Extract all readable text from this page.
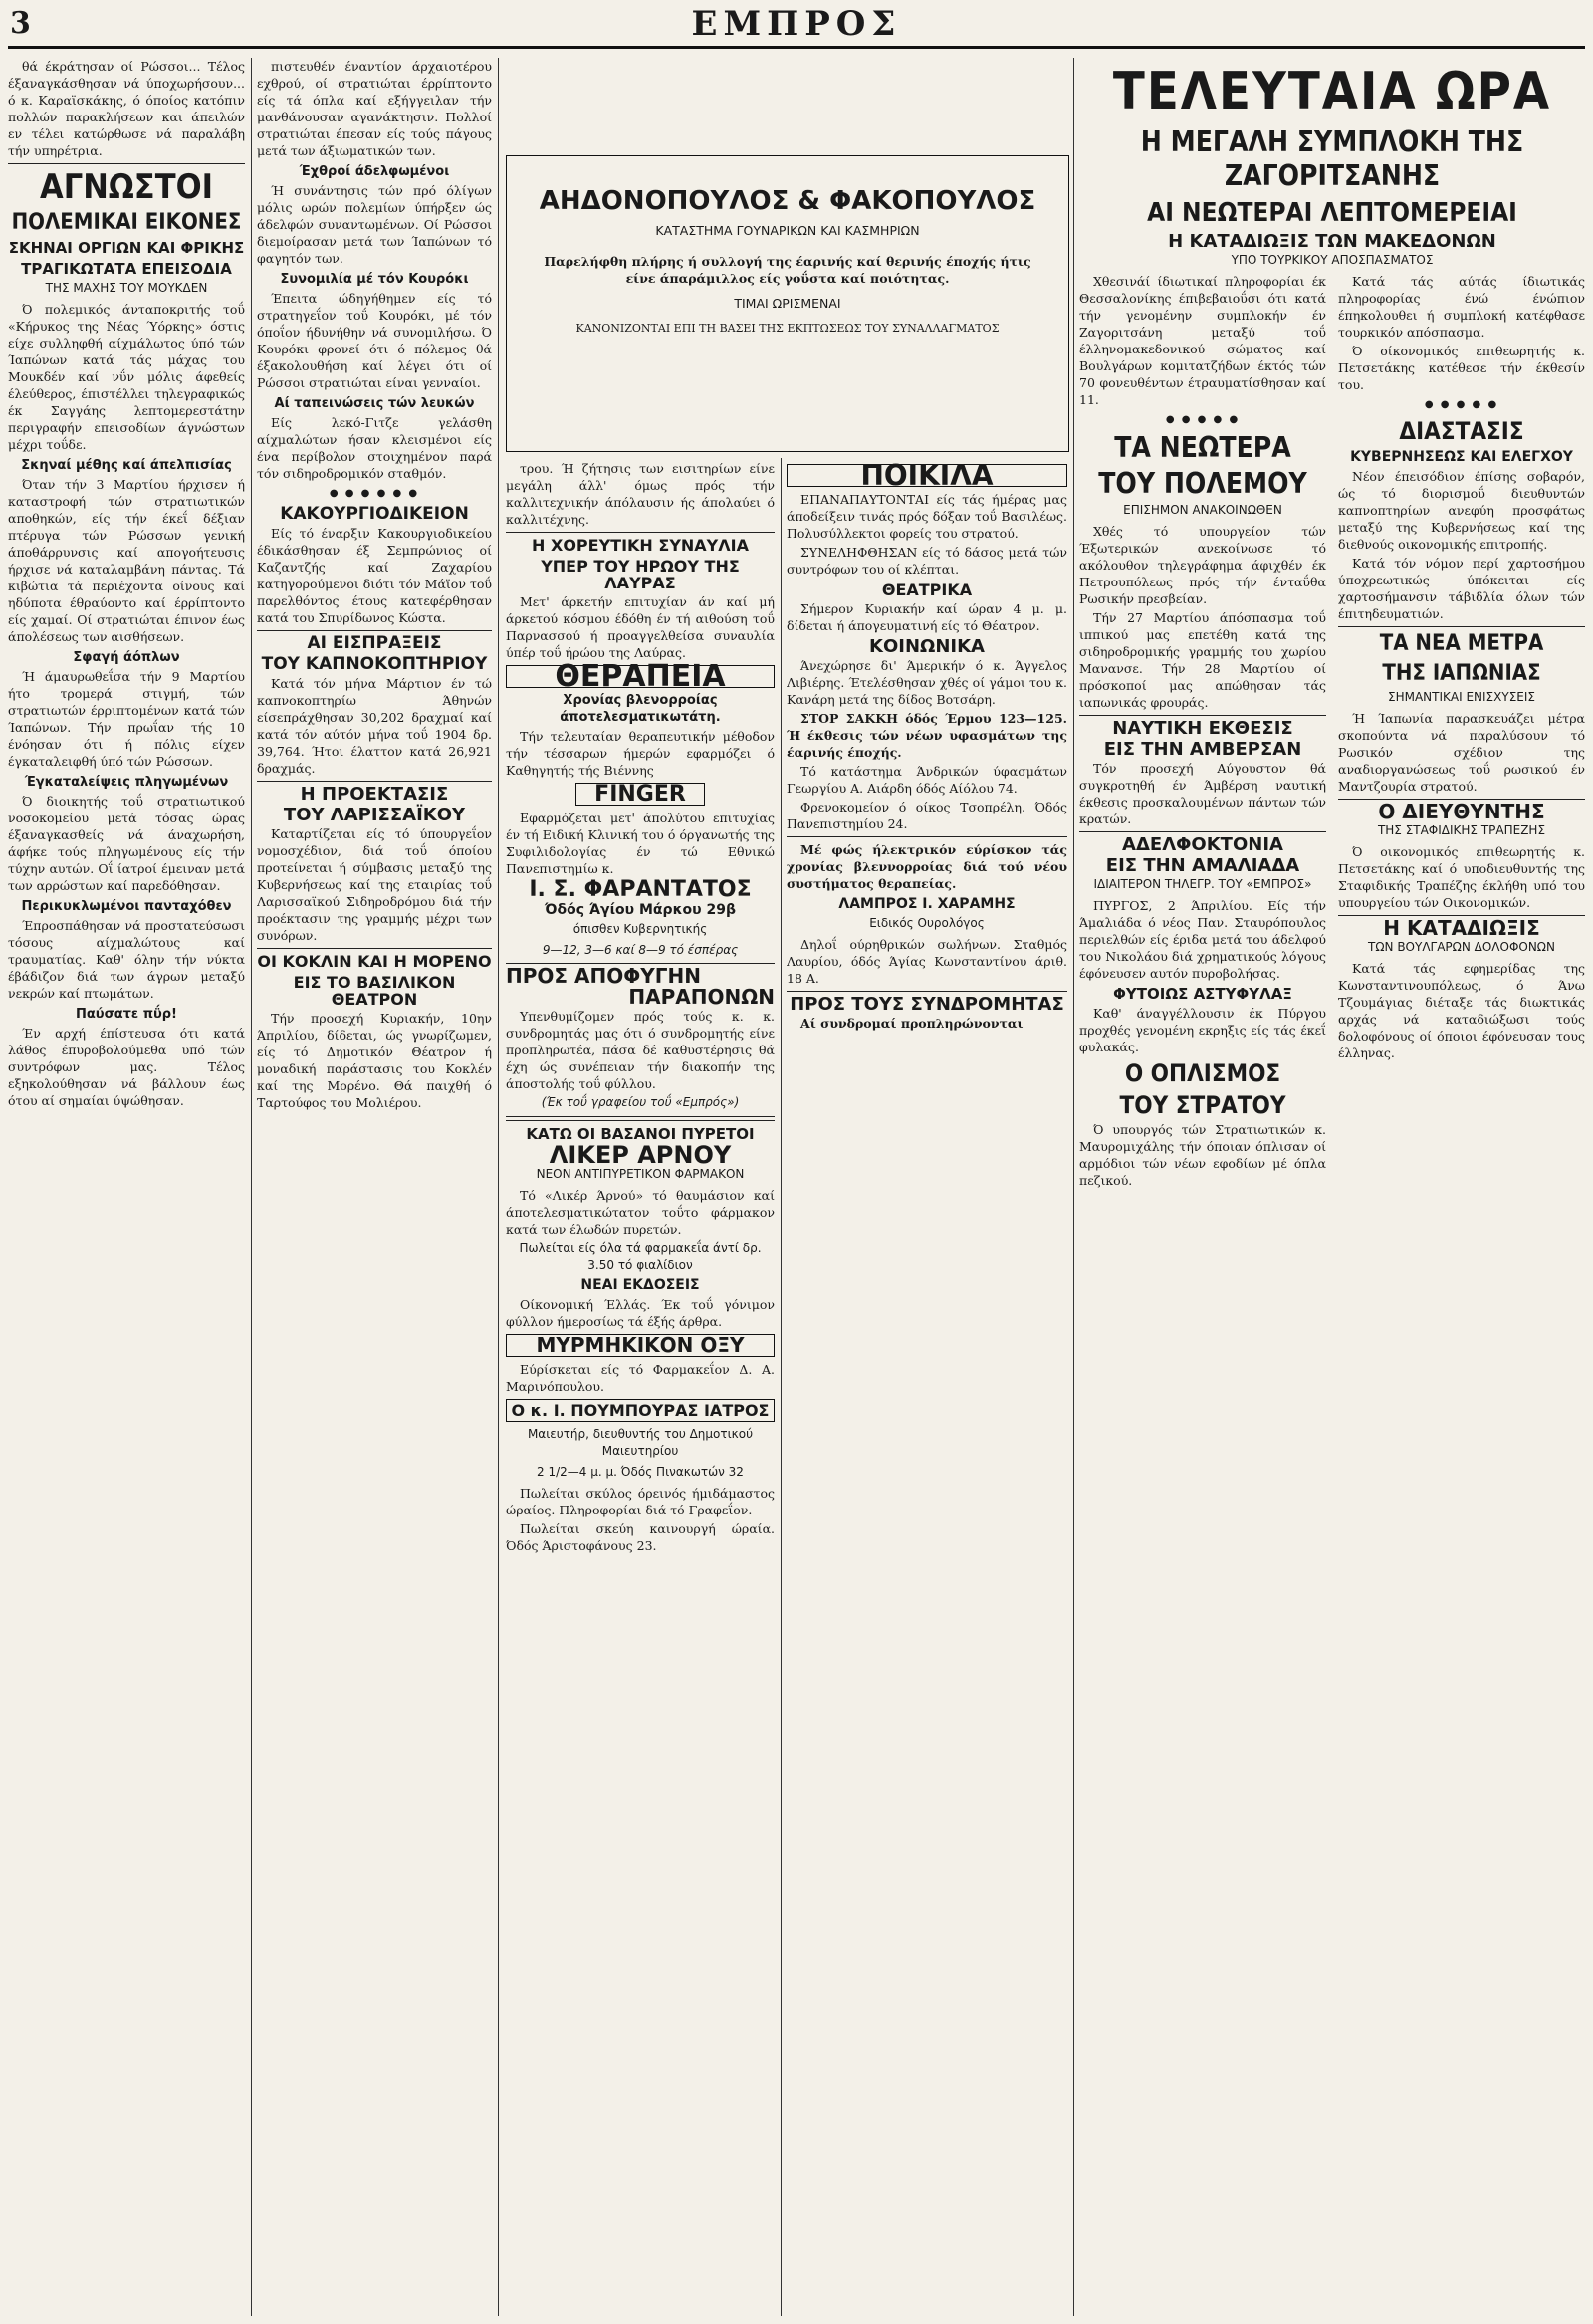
3	ΕΜΠΡΟΣ

θά έκράτησαν οί Ρώσσοι... Τέλος έξαναγκάσθησαν νά ύποχωρήσουν... ό κ. Καραϊσκάκης, ό όποίος κατόπιν πολλών παρακλήσεων και άπειλών εν τέλει κατώρθωσε νά παραλάβη τήν υπηρέτρια.

ΑΓΝΩΣΤΟΙ
ΠΟΛΕΜΙΚΑΙ ΕΙΚΟΝΕΣ
ΣΚΗΝΑΙ ΟΡΓΙΩΝ ΚΑΙ ΦΡΙΚΗΣ
ΤΡΑΓΙΚΩΤΑΤΑ ΕΠΕΙΣΟΔΙΑ
ΤΗΣ ΜΑΧΗΣ ΤΟΥ ΜΟΥΚΔΕΝ

Ό πολεμικός άνταποκριτής τοΰ «Κήρυκος της Νέας Ύόρκης» όστις είχε συλληφθή αίχμάλωτος ύπό τών Ίαπώνων κατά τάς μάχας του Μουκδέν καί νΰν μόλις άφεθείς έλεύθερος, έπιστέλλει τηλεγραφικώς έκ Σαγγάης λεπτομερεστάτην περιγραφήν επεισοδίων άγνώστων μέχρι τοΰδε.

Σκηναί μέθης καί άπελπισίας

Όταν τήν 3 Μαρτίου ήρχισεν ή καταστροφή τών στρατιωτικών αποθηκών, είς τήν έκεΐ δέξιαν πτέρυγα τών Ρώσσων γενική άποθάρρυνσις καί απογοήτευσις ήρχισε νά καταλαμβάνη πάντας. Τά κιβώτια τά περιέχοντα οίνους καί ηδύποτα έθραύοντο καί έρρίπτοντο είς χαμαί. Οί στρατιώται έπινον έως άπολέσεως των αισθήσεων.

Σφαγή άόπλων

Ή άμαυρωθεΐσα τήν 9 Μαρτίου ήτο τρομερά στιγμή, τών στρατιωτών έρριπτομένων κατά τών Ίαπώνων. Τήν πρωΐαν τής 10 ένόησαν ότι ή πόλις είχεν έγκαταλειφθή ύπό τών Ρώσσων.

Έγκαταλείψεις πληγωμένων

Ό διοικητής τοΰ στρατιωτικού νοσοκομείου μετά τόσας ώρας έξαναγκασθείς νά άναχωρήση, άφήκε τούς πληγωμένους είς τήν τύχην αυτών. Οΐ ίατροί έμειναν μετά των αρρώστων καί παρεδόθησαν.

Περικυκλωμένοι πανταχόθεν

Έπροσπάθησαν νά προστατεύσωσι τόσους αίχμαλώτους καί τραυματίας. Καθ' όλην τήν νύκτα έβάδιζον διά των άγρων μεταξύ νεκρών καί πτωμάτων.

Παύσατε πΰρ!

Έν αρχή έπίστευσα ότι κατά λάθος έπυροβολούμεθα υπό τών συντρόφων μας. Τέλος εξηκολούθησαν νά βάλλουν έως ότου αί σημαίαι ύψώθησαν.

πιστευθέν έναντίον άρχαιοτέρου εχθρού, οί στρατιώται έρρίπτοντο είς τά όπλα καί εξήγγειλαν τήν μανθάνουσαν αγανάκτησιν. Πολλοί στρατιώται έπεσαν είς τούς πάγους μετά των άξιωματικών των.

Έχθροί άδελφωμένοι

Ή συνάντησις τών πρό όλίγων μόλις ωρών πολεμίων ύπήρξεν ώς άδελφών συναντωμένων. Οί Ρώσσοι διεμοίρασαν μετά των Ίαπώνων τό φαγητόν των.

Συνομιλία μέ τόν Κουρόκι

Έπειτα ώδηγήθημεν είς τό στρατηγεΐον τοΰ Κουρόκι, μέ τόν όποΐον ήδυνήθην νά συνομιλήσω. Ό Κουρόκι φρονεί ότι ό πόλεμος θά έξακολουθήση καί λέγει ότι οί Ρώσσοι στρατιώται είναι γενναίοι.

Αί ταπεινώσεις τών λευκών

Είς λεκό-Γιτζε γελάσθη αίχμαλώτων ήσαν κλεισμένοι είς ένα περίβολον στοιχημένον παρά τόν σιδηροδρομικόν σταθμόν.

● ● ● ● ● ●
ΚΑΚΟΥΡΓΙΟΔΙΚΕΙΟΝ

Είς τό έναρξιν Κακουργιοδικείου έδικάσθησαν έξ Σεμπρώνιος οί Καζαντζής καί Ζαχαρίου κατηγορούμενοι διότι τόν Μάϊον τοΰ παρελθόντος έτους κατεφέρθησαν κατά του Σπυρίδωνος Κώστα.

ΑΙ ΕΙΣΠΡΑΞΕΙΣ
ΤΟΥ ΚΑΠΝΟΚΟΠΤΗΡΙΟΥ

Κατά τόν μήνα Μάρτιον έν τώ καπνοκοπτηρίω Άθηνών είσεπράχθησαν 30,202 δραχμαί καί κατά τόν αύτόν μήνα τοΰ 1904 δρ. 39,764. Ήτοι έλαττον κατά 26,921 δραχμάς.

Η ΠΡΟΕΚΤΑΣΙΣ
ΤΟΥ ΛΑΡΙΣΣΑΪΚΟΥ

Καταρτίζεται είς τό ύπουργεΐον νομοσχέδιον, διά τοΰ όποίου προτείνεται ή σύμβασις μεταξύ της Κυβερνήσεως καί της εταιρίας τοΰ Λαρισσαϊκού Σιδηροδρόμου διά τήν προέκτασιν της γραμμής μέχρι των συνόρων.

ΟΙ ΚΟΚΛΙΝ ΚΑΙ Η ΜΟΡΕΝΟ
ΕΙΣ ΤΟ ΒΑΣΙΛΙΚΟΝ ΘΕΑΤΡΟΝ

Τήν προσεχή Κυριακήν, 10ην Άπριλίου, δίδεται, ώς γνωρίζωμεν, είς τό Δημοτικόν Θέατρον ή μοναδική παράστασις του Κοκλέν καί της Μορένο. Θά παιχθή ό Ταρτούφος του Μολιέρου.

ΑΗΔΟΝΟΠΟΥΛΟΣ & ΦΑΚΟΠΟΥΛΟΣ
ΚΑΤΑΣΤΗΜΑ ΓΟΥΝΑΡΙΚΩΝ ΚΑΙ ΚΑΣΜΗΡΙΩΝ
Παρελήφθη πλήρης ή συλλογή της έαρινής καί θερινής έποχής ήτις είνε άπαράμιλλος είς γοΰστα καί ποιότητας.
ΤΙΜΑΙ ΩΡΙΣΜΕΝΑΙ
ΚΑΝΟΝΙΖΟΝΤΑΙ ΕΠΙ ΤΗ ΒΑΣΕΙ ΤΗΣ ΕΚΠΤΩΣΕΩΣ ΤΟΥ ΣΥΝΑΛΛΑΓΜΑΤΟΣ

τρου. Ή ζήτησις των εισιτηρίων είνε μεγάλη άλλ' όμως πρός τήν καλλιτεχνικήν άπόλαυσιν ής άπολαύει ό καλλιτέχνης.

Η ΧΟΡΕΥΤΙΚΗ ΣΥΝΑΥΛΙΑ
ΥΠΕΡ ΤΟΥ ΗΡΩΟΥ ΤΗΣ ΛΑΥΡΑΣ

Μετ' άρκετήν επιτυχίαν άν καί μή άρκετού κόσμου έδόθη έν τή αιθούση τοΰ Παρνασσού ή προαγγελθείσα συναυλία ύπέρ τοΰ ήρώου της Λαύρας.

ΘΕΡΑΠΕΙΑ
Χρονίας βλενορροίας άποτελεσματικωτάτη.

Τήν τελευταίαν θεραπευτικήν μέθοδον τήν τέσσαρων ήμερών εφαρμόζει ό Καθηγητής τής Βιέννης

FINGER

Εφαρμόζεται μετ' άπολύτου επιτυχίας έν τή Ειδική Κλινική του ό όργανωτής της Συφιλιδολογίας έν τώ Εθνικώ Πανεπιστημίω κ.

Ι. Σ. ΦΑΡΑΝΤΑΤΟΣ
Όδός Άγίου Μάρκου 29β
όπισθεν Κυβερνητικής
9—12, 3—6 καί 8—9 τό έσπέρας
ΠΡΟΣ ΑΠΟΦΥΓΗΝ
ΠΑΡΑΠΟΝΩΝ

Υπενθυμίζομεν πρός τούς κ. κ. συνδρομητάς μας ότι ό συνδρομητής είνε προπληρωτέα, πάσα δέ καθυστέρησις θά έχη ώς συνέπειαν τήν διακοπήν της άποστολής τοΰ φύλλου.

(Έκ τοΰ γραφείου τοΰ «Εμπρός»)
ΚΑΤΩ ΟΙ ΒΑΣΑΝΟΙ ΠΥΡΕΤΟΙ
ΛΙΚΕΡ ΑΡΝΟΥ
ΝΕΟΝ ΑΝΤΙΠΥΡΕΤΙΚΟΝ ΦΑΡΜΑΚΟΝ

Τό «Λικέρ Άρνού» τό θαυμάσιον καί άποτελεσματικώτατον τοΰτο φάρμακον κατά των έλωδών πυρετών.

Πωλείται είς όλα τά φαρμακεΐα άντί δρ. 3.50 τό φιαλίδιον
ΝΕΑΙ ΕΚΔΟΣΕΙΣ

Οίκονομική Έλλάς. Έκ τοΰ γόνιμον φύλλον ήμεροσίως τά έξής άρθρα.

ΜΥΡΜΗΚΙΚΟΝ ΟΞΥ

Εύρίσκεται είς τό Φαρμακεΐον Δ. Α. Μαρινόπουλου.

Ο κ. Ι. ΠΟΥΜΠΟΥΡΑΣ ΙΑΤΡΟΣ
Μαιευτήρ, διευθυντής του Δημοτικού Μαιευτηρίου
2 1/2—4 μ. μ. Όδός Πινακωτών 32

Πωλείται σκύλος όρεινός ήμιδάμαστος ώραίος. Πληροφορίαι διά τό Γραφεΐον.

Πωλείται σκεύη καινουργή ώραία. Όδός Άριστοφάνους 23.

ΠΟΙΚΙΛΑ

ΕΠΑΝΑΠΑΥΤΟΝΤΑΙ είς τάς ήμέρας μας άποδείξειν τινάς πρός δόξαν τοΰ Βασιλέως. Πολυσύλλεκτοι φορείς του στρατού.

ΣΥΝΕΛΗΦΘΗΣΑΝ είς τό δάσος μετά τών συντρόφων του οί κλέπται.

ΘΕΑΤΡΙΚΑ

Σήμερον Κυριακήν καί ώραν 4 μ. μ. δίδεται ή άπογευματινή είς τό Θέατρον.

ΚΟΙΝΩΝΙΚΑ

Άνεχώρησε δι' Άμερικήν ό κ. Άγγελος Λιβιέρης. Έτελέσθησαν χθές οί γάμοι του κ. Κανάρη μετά της δίδος Βοτσάρη.

ΣΤΟΡ ΣΑΚΚΗ όδός Έρμου 123—125. Ή έκθεσις τών νέων υφασμάτων της έαρινής έποχής.

Τό κατάστημα Άνδρικών ύφασμάτων Γεωργίου Α. Αιάρδη όδός Αίόλου 74.

Φρενοκομείον ό οίκος Τσοπρέλη. Όδός Πανεπιστημίου 24.

Μέ φώς ήλεκτρικόν εύρίσκον τάς χρονίας βλεννορροίας διά τού νέου συστήματος θεραπείας.

ΛΑΜΠΡΟΣ Ι. ΧΑΡΑΜΗΣ
Ειδικός Ουρολόγος

Δηλοΐ ούρηθρικών σωλήνων. Σταθμός Λαυρίου, όδός Άγίας Κωνσταντίνου άριθ. 18 Α.

ΠΡΟΣ ΤΟΥΣ ΣΥΝΔΡΟΜΗΤΑΣ

Αί συνδρομαί προπληρώνονται

ΤΕΛΕΥΤΑΙΑ ΩΡΑ
Η ΜΕΓΑΛΗ ΣΥΜΠΛΟΚΗ ΤΗΣ ΖΑΓΟΡΙΤΣΑΝΗΣ
ΑΙ ΝΕΩΤΕΡΑΙ ΛΕΠΤΟΜΕΡΕΙΑΙ
Η ΚΑΤΑΔΙΩΞΙΣ ΤΩΝ ΜΑΚΕΔΟΝΩΝ
ΥΠΟ ΤΟΥΡΚΙΚΟΥ ΑΠΟΣΠΑΣΜΑΤΟΣ

Χθεσινάί ίδιωτικαί πληροφορίαι έκ Θεσσαλονίκης έπιβεβαιοΰσι ότι κατά τήν γενομένην συμπλοκήν έν Ζαγοριτσάνη μεταξύ τοΰ έλληνομακεδονικού σώματος καί Βουλγάρων κομιτατζήδων έκτός τών 70 φονευθέντων έτραυματίσθησαν καί 11.

● ● ● ● ●
ΤΑ ΝΕΩΤΕΡΑ
ΤΟΥ ΠΟΛΕΜΟΥ
ΕΠΙΣΗΜΟΝ ΑΝΑΚΟΙΝΩΘΕΝ

Χθές τό υπουργείον τών Έξωτερικών ανεκοίνωσε τό ακόλουθον τηλεγράφημα άφιχθέν έκ Πετρουπόλεως πρός τήν ένταΰθα Ρωσικήν πρεσβείαν.

Τήν 27 Μαρτίου άπόσπασμα τοΰ ιππικού μας επετέθη κατά της σιδηροδρομικής γραμμής του χωρίου Μανανσε. Τήν 28 Μαρτίου οί πρόσκοποί μας απώθησαν τάς ιαπωνικάς φρουράς.

ΝΑΥΤΙΚΗ ΕΚΘΕΣΙΣ
ΕΙΣ ΤΗΝ ΑΜΒΕΡΣΑΝ

Τόν προσεχή Αύγουστον θά συγκροτηθή έν Άμβέρση ναυτική έκθεσις προσκαλουμένων πάντων τών κρατών.

ΑΔΕΛΦΟΚΤΟΝΙΑ
ΕΙΣ ΤΗΝ ΑΜΑΛΙΑΔΑ
ΙΔΙΑΙΤΕΡΟΝ ΤΗΛΕΓΡ. ΤΟΥ «ΕΜΠΡΟΣ»

ΠΥΡΓΟΣ, 2 Άπριλίου. Είς τήν Άμαλιάδα ό νέος Παν. Σταυρόπουλος περιελθών είς έριδα μετά του άδελφού του Νικολάου διά χρηματικούς λόγους έφόνευσεν αυτόν πυροβολήσας.

ΦΥΤΟΙΩΣ ΑΣΤΥΦΥΛΑΞ

Καθ' άναγγέλλουσιν έκ Πύργου προχθές γενομένη εκρηξις είς τάς έκεΐ φυλακάς.

Ο ΟΠΛΙΣΜΟΣ
ΤΟΥ ΣΤΡΑΤΟΥ

Ό υπουργός τών Στρατιωτικών κ. Μαυρομιχάλης τήν όποιαν όπλισαν οί αρμόδιοι τών νέων εφοδίων μέ όπλα πεζικού.

Κατά τάς αύτάς ίδιωτικάς πληροφορίας ένώ ένώπιον έπηκολουθει ή συμπλοκή κατέφθασε τουρκικόν απόσπασμα.

Ό οίκονομικός επιθεωρητής κ. Πετσετάκης κατέθεσε τήν έκθεσίν του.

● ● ● ● ●
ΔΙΑΣΤΑΣΙΣ
ΚΥΒΕΡΝΗΣΕΩΣ ΚΑΙ ΕΛΕΓΧΟΥ

Νέον έπεισόδιον έπίσης σοβαρόν, ώς τό διορισμοΰ διευθυντών καπνοπτηρίων ανεφύη προσφάτως μεταξύ της Κυβερνήσεως καί της διεθνούς οικονομικής επιτροπής.

Κατά τόν νόμον περί χαρτοσήμου ύποχρεωτικώς ύπόκειται είς χαρτοσήμανσιν τάβιδλία όλων τών έπιτηδευματιών.

ΤΑ ΝΕΑ ΜΕΤΡΑ
ΤΗΣ ΙΑΠΩΝΙΑΣ
ΣΗΜΑΝΤΙΚΑΙ ΕΝΙΣΧΥΣΕΙΣ

Ή Ίαπωνία παρασκευάζει μέτρα σκοπούντα νά παραλύσουν τό Ρωσικόν σχέδιον της αναδιοργανώσεως τοΰ ρωσικού έν Μαντζουρία στρατού.

Ο ΔΙΕΥΘΥΝΤΗΣ
ΤΗΣ ΣΤΑΦΙΔΙΚΗΣ ΤΡΑΠΕΖΗΣ

Ό οικονομικός επιθεωρητής κ. Πετσετάκης καί ό υποδιευθυντής της Σταφιδικής Τραπέζης έκλήθη υπό του υπουργείου τών Οικονομικών.

Η ΚΑΤΑΔΙΩΞΙΣ
ΤΩΝ ΒΟΥΛΓΑΡΩΝ ΔΟΛΟΦΟΝΩΝ

Κατά τάς εφημερίδας της Κωνσταντινουπόλεως, ό Άνω Τζουμάγιας διέταξε τάς διωκτικάς αρχάς νά καταδιώξωσι τούς δολοφόνους οί όποιοι έφόνευσαν τους έλληνας.
